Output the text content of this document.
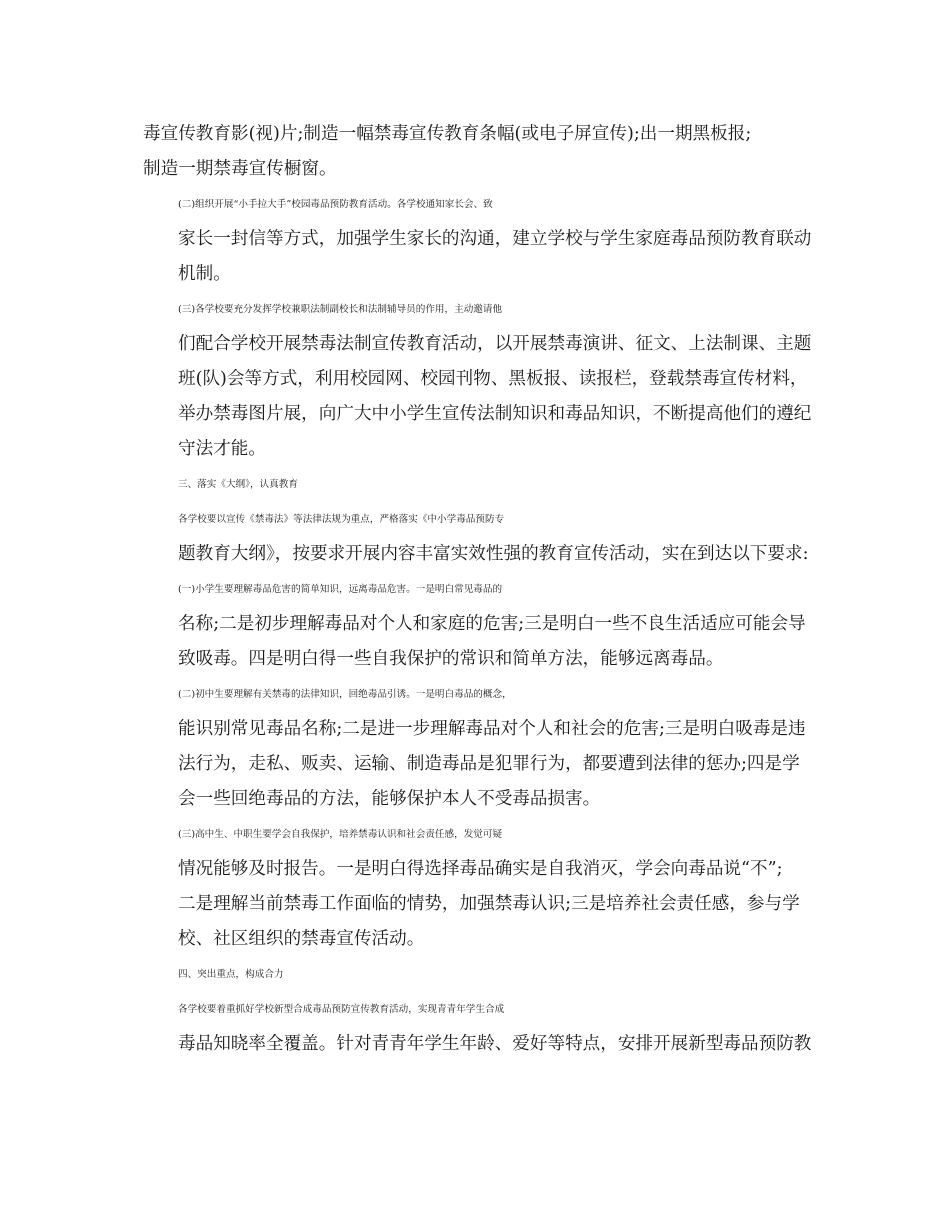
毒宣传教育影(视)片;制造一幅禁毒宣传教育条幅(或电子屏宣传);出一期黑板报;
制造一期禁毒宣传橱窗。
(二)组织开展“小手拉大手”校园毒品预防教育活动。各学校通知家长会、致
家长一封信等方式，加强学生家长的沟通，建立学校与学生家庭毒品预防教育联动
机制。
(三)各学校要充分发挥学校兼职法制副校长和法制辅导员的作用，主动邀请他
们配合学校开展禁毒法制宣传教育活动，以开展禁毒演讲、征文、上法制课、主题
班(队)会等方式，利用校园网、校园刊物、黑板报、读报栏，登载禁毒宣传材料，
举办禁毒图片展，向广大中小学生宣传法制知识和毒品知识，不断提高他们的遵纪
守法才能。
三、落实《大纲》，认真教育
各学校要以宣传《禁毒法》等法律法规为重点，严格落实《中小学毒品预防专
题教育大纲》，按要求开展内容丰富实效性强的教育宣传活动，实在到达以下要求:
(一)小学生要理解毒品危害的简单知识，远离毒品危害。一是明白常见毒品的
名称;二是初步理解毒品对个人和家庭的危害;三是明白一些不良生活适应可能会导
致吸毒。四是明白得一些自我保护的常识和简单方法，能够远离毒品。
(二)初中生要理解有关禁毒的法律知识，回绝毒品引诱。一是明白毒品的概念，
能识别常见毒品名称;二是进一步理解毒品对个人和社会的危害;三是明白吸毒是违
法行为，走私、贩卖、运输、制造毒品是犯罪行为，都要遭到法律的惩办;四是学
会一些回绝毒品的方法，能够保护本人不受毒品损害。
(三)高中生、中职生要学会自我保护，培养禁毒认识和社会责任感，发觉可疑
情况能够及时报告。一是明白得选择毒品确实是自我消灭，学会向毒品说“不”;
二是理解当前禁毒工作面临的情势，加强禁毒认识;三是培养社会责任感，参与学
校、社区组织的禁毒宣传活动。
四、突出重点，构成合力
各学校要着重抓好学校新型合成毒品预防宣传教育活动，实现青青年学生合成
毒品知晓率全覆盖。针对青青年学生年龄、爱好等特点，安排开展新型毒品预防教
